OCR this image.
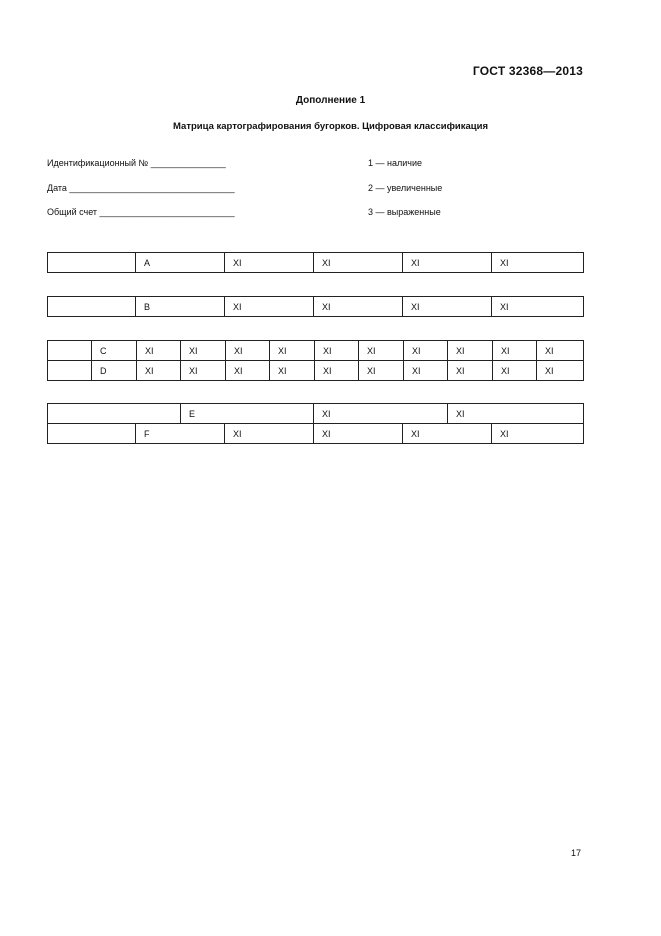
ГОСТ 32368—2013
Дополнение 1
Матрица картографирования бугорков. Цифровая классификация
Идентификационный № _______________
Дата _________________________________
Общий счет ___________________________
1 — наличие
2 — увеличенные
3 — выраженные
	A	XI	XI	XI	XI
	B	XI	XI	XI	XI
	C	XI	XI	XI	XI	XI	XI	XI	XI	XI	XI
	D	XI	XI	XI	XI	XI	XI	XI	XI	XI	XI
		E		XI		XI	
	F		XI	XI	XI		XI
17
